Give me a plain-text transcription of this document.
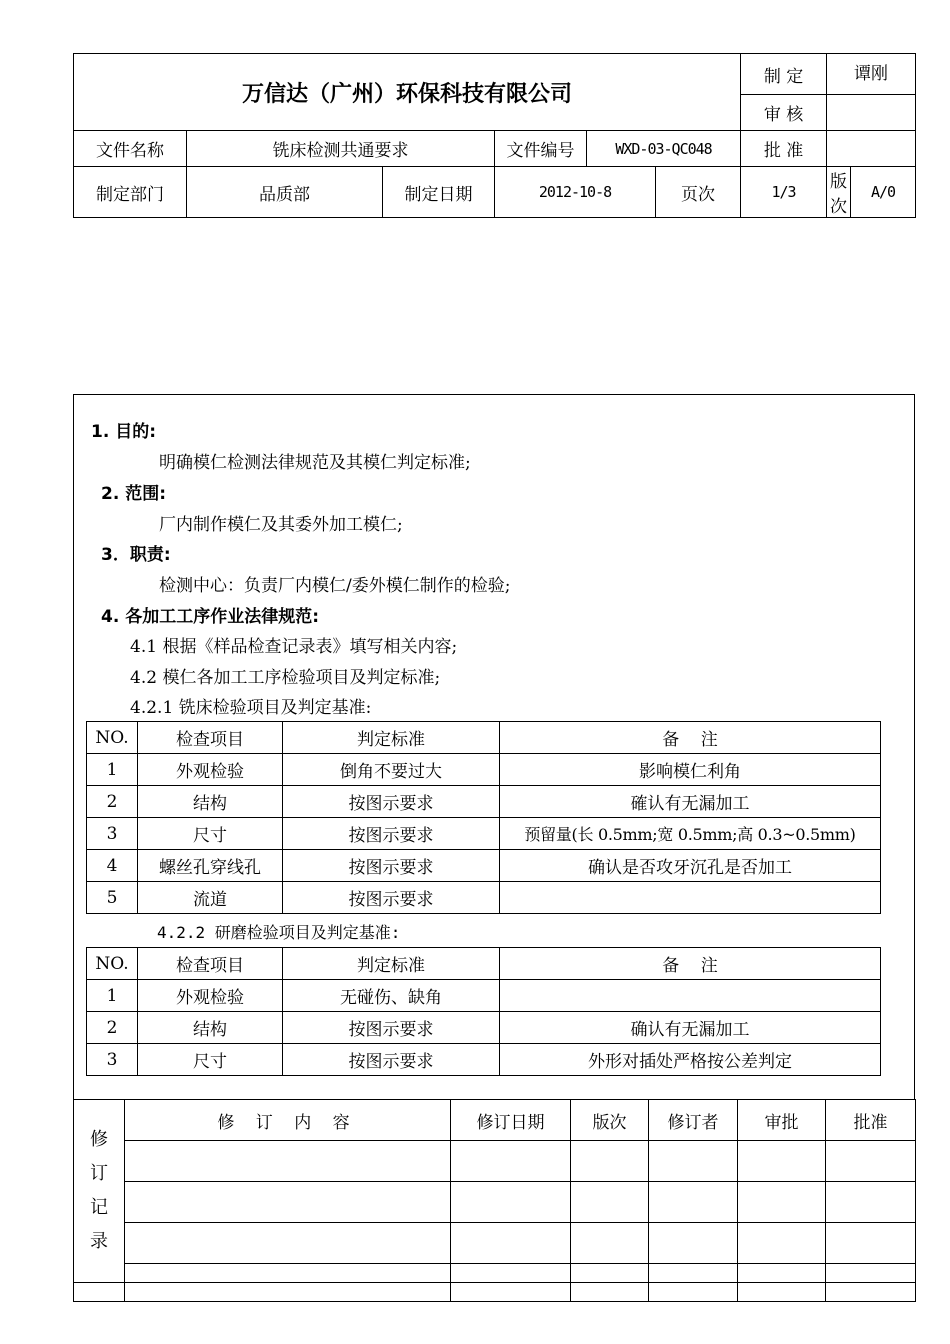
万信达（广州）环保科技有限公司						制 定	谭刚	
						审 核		
文件名称	铣床检测共通要求		文件编号	WXD-03-QC048		批 准		
制定部门	品质部	制定日期	2012-10-8		页次	1/3	版次	A/0
1. 目的:
明确模仁检测法律规范及其模仁判定标准;
2. 范围:
厂内制作模仁及其委外加工模仁;
3．职责:
检测中心：负责厂内模仁/委外模仁制作的检验;
4. 各加工工序作业法律规范:
4.1 根据《样品检查记录表》填写相关内容;
4.2 模仁各加工工序检验项目及判定标准;
4.2.1 铣床检验项目及判定基准:
NO.	检查项目	判定标准	备    注
1	外观检验	倒角不要过大	影响模仁利角
2	结构	按图示要求	確认有无漏加工
3	尺寸	按图示要求	预留量(长 0.5mm;宽 0.5mm;高 0.3~0.5mm)
4	螺丝孔穿线孔	按图示要求	确认是否攻牙沉孔是否加工
5	流道	按图示要求	
4.2.2 研磨检验项目及判定基准:
NO.	检查项目	判定标准	备    注
1	外观检验	无碰伤、缺角	
2	结构	按图示要求	确认有无漏加工
3	尺寸	按图示要求	外形对插处严格按公差判定
修订记录	修 订 内 容	修订日期	版次	修订者	审批	批准
